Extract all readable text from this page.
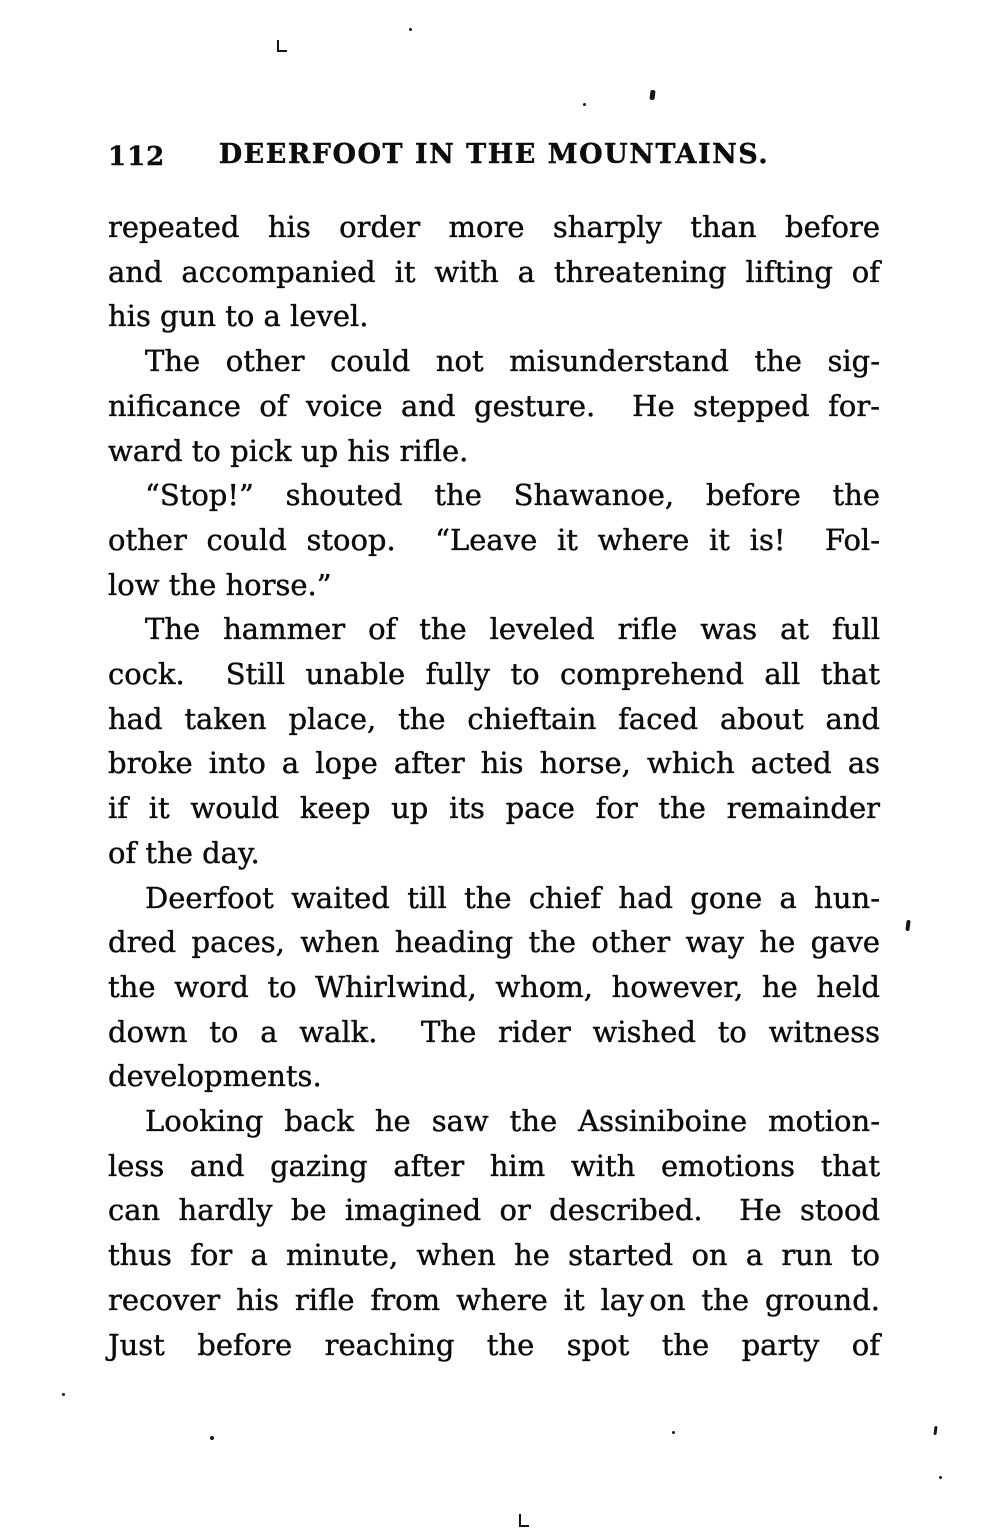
112	DEERFOOT IN THE MOUNTAINS.
repeated his order more sharply than before
and accompanied it with a threatening lifting of
his gun to a level.
The other could not misunderstand the sig-
nificance of voice and gesture.  He stepped for-
ward to pick up his rifle.
“Stop!” shouted the Shawanoe, before the
other could stoop.  “Leave it where it is!  Fol-
low the horse.”
The hammer of the leveled rifle was at full
cock.  Still unable fully to comprehend all that
had taken place, the chieftain faced about and
broke into a lope after his horse, which acted as
if it would keep up its pace for the remainder
of the day.
Deerfoot waited till the chief had gone a hun-
dred paces, when heading the other way he gave
the word to Whirlwind, whom, however, he held
down to a walk.  The rider wished to witness
developments.
Looking back he saw the Assiniboine motion-
less and gazing after him with emotions that
can hardly be imagined or described.  He stood
thus for a minute, when he started on a run to
recover his rifle from where it lay on the ground.
Just before reaching the spot the party of
